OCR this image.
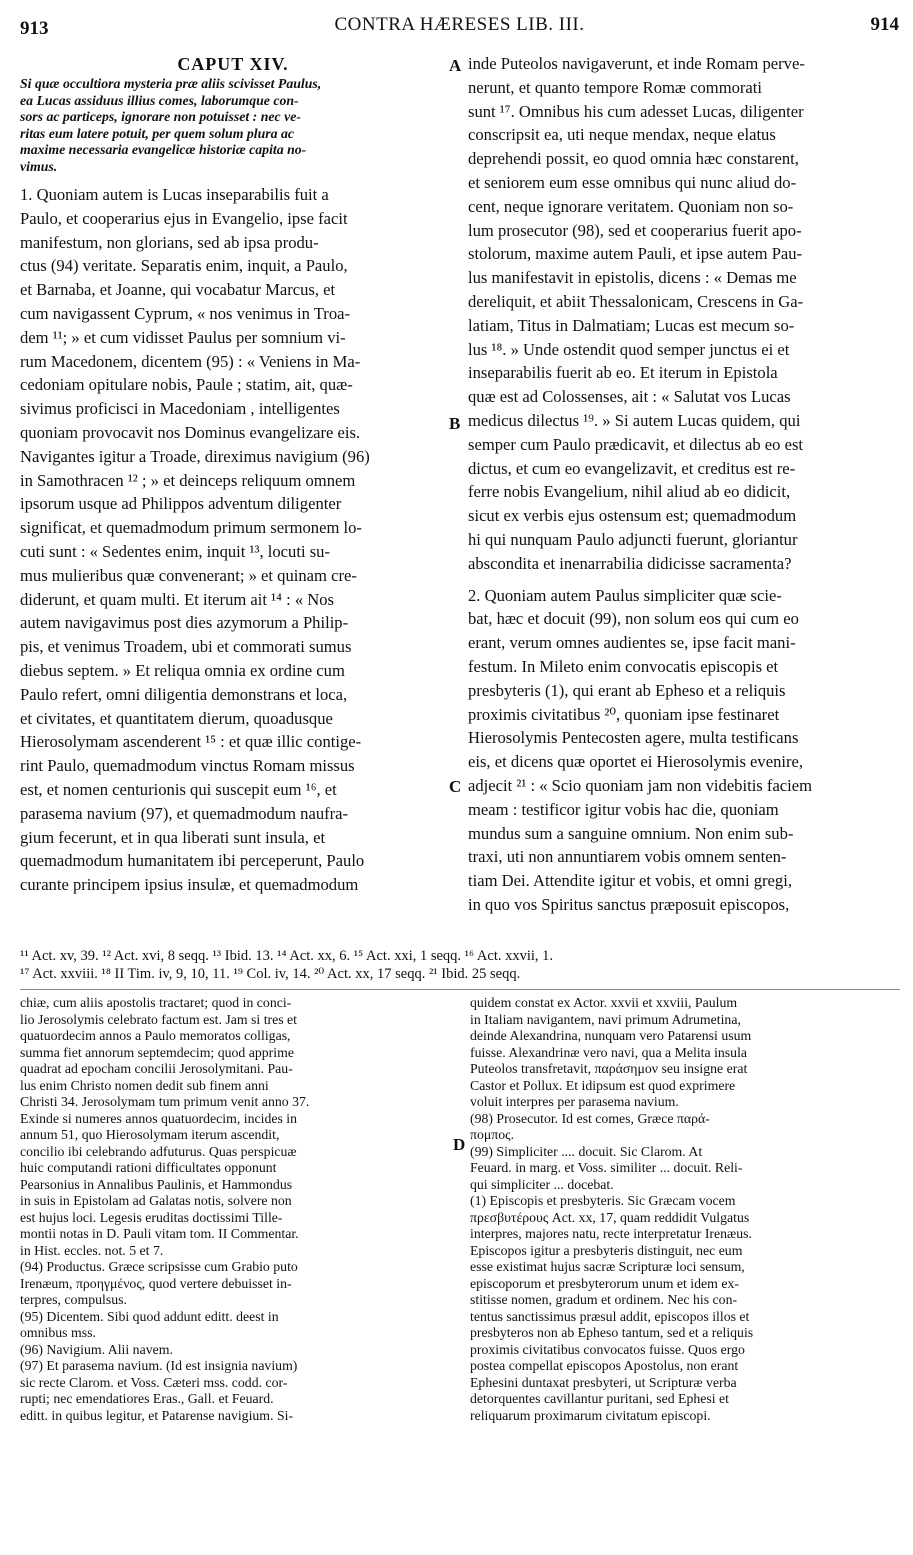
913	CONTRA HÆRESES LIB. III.	914
CAPUT XIV.
Si quæ occultiora mysteria præ aliis scivisset Paulus,
ea Lucas assiduus illius comes, laborumque con-
sors ac particeps, ignorare non potuisset : nec ve-
ritas eum latere potuit, per quem solum plura ac
maxime necessaria evangelicæ historiæ capita no-
vimus.
1. Quoniam autem is Lucas inseparabilis fuit a
Paulo, et cooperarius ejus in Evangelio, ipse facit
manifestum, non glorians, sed ab ipsa produ-
ctus (94) veritate. Separatis enim, inquit, a Paulo,
et Barnaba, et Joanne, qui vocabatur Marcus, et
cum navigassent Cyprum, « nos venimus in Troa-
dem ¹¹; » et cum vidisset Paulus per somnium vi-
rum Macedonem, dicentem (95) : « Veniens in Ma-
cedoniam opitulare nobis, Paule ; statim, ait, quæ-
sivimus proficisci in Macedoniam , intelligentes
quoniam provocavit nos Dominus evangelizare eis.
Navigantes igitur a Troade, direximus navigium (96)
in Samothracen ¹² ; » et deinceps reliquum omnem
ipsorum usque ad Philippos adventum diligenter
significat, et quemadmodum primum sermonem lo-
cuti sunt : « Sedentes enim, inquit ¹³, locuti su-
mus mulieribus quæ convenerant; » et quinam cre-
diderunt, et quam multi. Et iterum ait ¹⁴ : « Nos
autem navigavimus post dies azymorum a Philip-
pis, et venimus Troadem, ubi et commorati sumus
diebus septem. » Et reliqua omnia ex ordine cum
Paulo refert, omni diligentia demonstrans et loca,
et civitates, et quantitatem dierum, quoadusque
Hierosolymam ascenderent ¹⁵ : et quæ illic contige-
rint Paulo, quemadmodum vinctus Romam missus
est, et nomen centurionis qui suscepit eum ¹⁶, et
parasema navium (97), et quemadmodum naufra-
gium fecerunt, et in qua liberati sunt insula, et
quemadmodum humanitatem ibi perceperunt, Paulo
curante principem ipsius insulæ, et quemadmodum
inde Puteolos navigaverunt, et inde Romam perve-
nerunt, et quanto tempore Romæ commorati
sunt ¹⁷. Omnibus his cum adesset Lucas, diligenter
conscripsit ea, uti neque mendax, neque elatus
deprehendi possit, eo quod omnia hæc constarent,
et seniorem eum esse omnibus qui nunc aliud do-
cent, neque ignorare veritatem. Quoniam non so-
lum prosecutor (98), sed et cooperarius fuerit apo-
stolorum, maxime autem Pauli, et ipse autem Pau-
lus manifestavit in epistolis, dicens : « Demas me
dereliquit, et abiit Thessalonicam, Crescens in Ga-
latiam, Titus in Dalmatiam; Lucas est mecum so-
lus ¹⁸. » Unde ostendit quod semper junctus ei et
inseparabilis fuerit ab eo. Et iterum in Epistola
quæ est ad Colossenses, ait : « Salutat vos Lucas
medicus dilectus ¹⁹. » Si autem Lucas quidem, qui
semper cum Paulo prædicavit, et dilectus ab eo est
dictus, et cum eo evangelizavit, et creditus est re-
ferre nobis Evangelium, nihil aliud ab eo didicit,
sicut ex verbis ejus ostensum est; quemadmodum
hi qui nunquam Paulo adjuncti fuerunt, gloriantur
abscondita et inenarrabilia didicisse sacramenta?
2. Quoniam autem Paulus simpliciter quæ scie-
bat, hæc et docuit (99), non solum eos qui cum eo
erant, verum omnes audientes se, ipse facit mani-
festum. In Mileto enim convocatis episcopis et
presbyteris (1), qui erant ab Epheso et a reliquis
proximis civitatibus ²⁰, quoniam ipse festinaret
Hierosolymis Pentecosten agere, multa testificans
eis, et dicens quæ oportet ei Hierosolymis evenire,
adjecit ²¹ : « Scio quoniam jam non videbitis faciem
meam : testificor igitur vobis hac die, quoniam
mundus sum a sanguine omnium. Non enim sub-
traxi, uti non annuntiarem vobis omnem senten-
tiam Dei. Attendite igitur et vobis, et omni gregi,
in quo vos Spiritus sanctus præposuit episcopos,
A
B
C
D
¹¹ Act. xv, 39. ¹² Act. xvi, 8 seqq. ¹³ Ibid. 13. ¹⁴ Act. xx, 6. ¹⁵ Act. xxi, 1 seqq. ¹⁶ Act. xxvii, 1.
¹⁷ Act. xxviii. ¹⁸ II Tim. iv, 9, 10, 11. ¹⁹ Col. iv, 14. ²⁰ Act. xx, 17 seqq. ²¹ Ibid. 25 seqq.
chiæ, cum aliis apostolis tractaret; quod in conci-
lio Jerosolymis celebrato factum est. Jam si tres et
quatuordecim annos a Paulo memoratos colligas,
summa fiet annorum septemdecim; quod apprime
quadrat ad epocham concilii Jerosolymitani. Pau-
lus enim Christo nomen dedit sub finem anni
Christi 34. Jerosolymam tum primum venit anno 37.
Exinde si numeres annos quatuordecim, incides in
annum 51, quo Hierosolymam iterum ascendit,
concilio ibi celebrando adfuturus. Quas perspicuæ
huic computandi rationi difficultates opponunt
Pearsonius in Annalibus Paulinis, et Hammondus
in suis in Epistolam ad Galatas notis, solvere non
est hujus loci. Legesis eruditas doctissimi Tille-
montii notas in D. Pauli vitam tom. II Commentar.
in Hist. eccles. not. 5 et 7.
(94) Productus. Græce scripsisse cum Grabio puto
Irenæum, προηγμένος, quod vertere debuisset in-
terpres, compulsus.
(95) Dicentem. Sibi quod addunt editt. deest in
omnibus mss.
(96) Navigium. Alii navem.
(97) Et parasema navium. (Id est insignia navium)
sic recte Clarom. et Voss. Cæteri mss. codd. cor-
rupti; nec emendatiores Eras., Gall. et Feuard.
editt. in quibus legitur, et Patarense navigium. Si-
quidem constat ex Actor. xxvii et xxviii, Paulum
in Italiam navigantem, navi primum Adrumetina,
deinde Alexandrina, nunquam vero Patarensi usum
fuisse. Alexandrinæ vero navi, qua a Melita insula
Puteolos transfretavit, παράσημον seu insigne erat
Castor et Pollux. Et idipsum est quod exprimere
voluit interpres per parasema navium.
(98) Prosecutor. Id est comes, Græce παρά-
πομπος.
(99) Simpliciter .... docuit. Sic Clarom. At
Feuard. in marg. et Voss. similiter ... docuit. Reli-
qui simpliciter ... docebat.
(1) Episcopis et presbyteris. Sic Græcam vocem
πρεσβυτέρους Act. xx, 17, quam reddidit Vulgatus
interpres, majores natu, recte interpretatur Irenæus.
Episcopos igitur a presbyteris distinguit, nec eum
esse existimat hujus sacræ Scripturæ loci sensum,
episcoporum et presbyterorum unum et idem ex-
stitisse nomen, gradum et ordinem. Nec his con-
tentus sanctissimus præsul addit, episcopos illos et
presbyteros non ab Epheso tantum, sed et a reliquis
proximis civitatibus convocatos fuisse. Quos ergo
postea compellat episcopos Apostolus, non erant
Ephesini duntaxat presbyteri, ut Scripturæ verba
detorquentes cavillantur puritani, sed Ephesi et
reliquarum proximarum civitatum episcopi.
